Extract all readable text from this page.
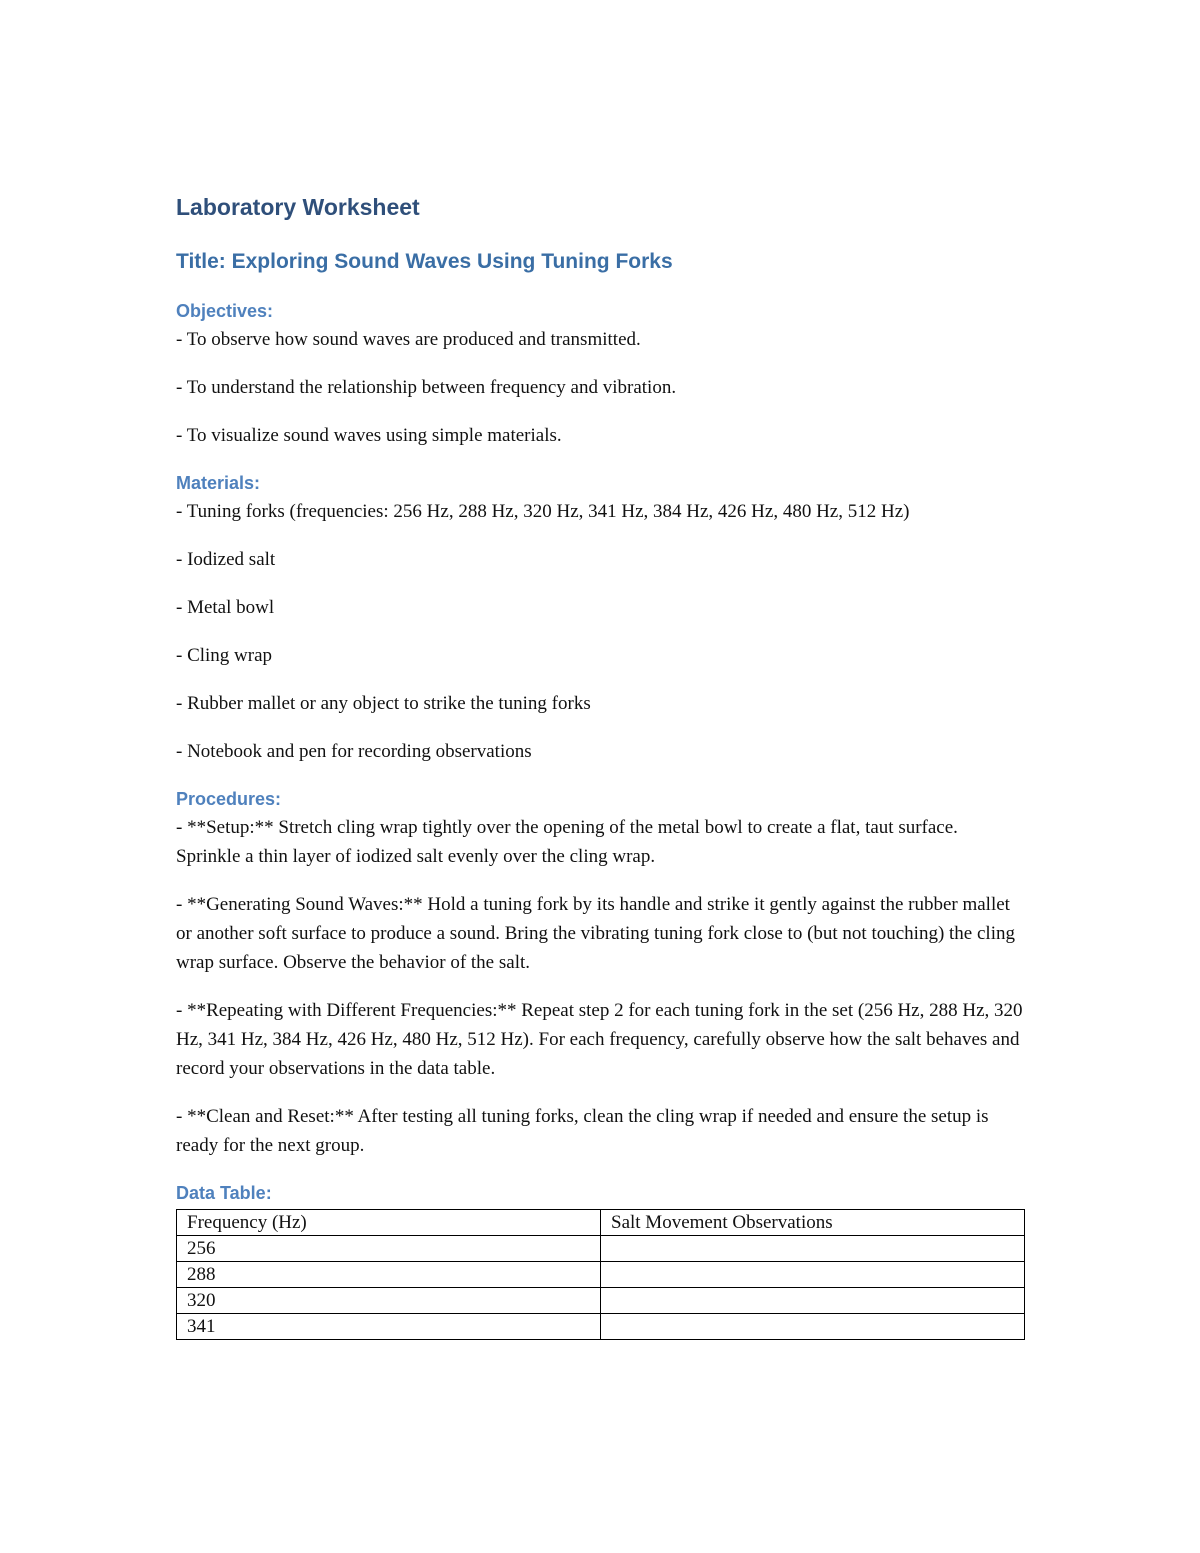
Laboratory Worksheet
Title: Exploring Sound Waves Using Tuning Forks
Objectives:

- To observe how sound waves are produced and transmitted.

- To understand the relationship between frequency and vibration.

- To visualize sound waves using simple materials.

Materials:

- Tuning forks (frequencies: 256 Hz, 288 Hz, 320 Hz, 341 Hz, 384 Hz, 426 Hz, 480 Hz, 512 Hz)

- Iodized salt

- Metal bowl

- Cling wrap

- Rubber mallet or any object to strike the tuning forks

- Notebook and pen for recording observations

Procedures:

- **Setup:** Stretch cling wrap tightly over the opening of the metal bowl to create a flat, taut surface. Sprinkle a thin layer of iodized salt evenly over the cling wrap.

- **Generating Sound Waves:** Hold a tuning fork by its handle and strike it gently against the rubber mallet or another soft surface to produce a sound. Bring the vibrating tuning fork close to (but not touching) the cling wrap surface. Observe the behavior of the salt.

- **Repeating with Different Frequencies:** Repeat step 2 for each tuning fork in the set (256 Hz, 288 Hz, 320 Hz, 341 Hz, 384 Hz, 426 Hz, 480 Hz, 512 Hz). For each frequency, carefully observe how the salt behaves and record your observations in the data table.

- **Clean and Reset:** After testing all tuning forks, clean the cling wrap if needed and ensure the setup is ready for the next group.

Data Table:
Frequency (Hz)	Salt Movement Observations
256	
288	
320	
341	
